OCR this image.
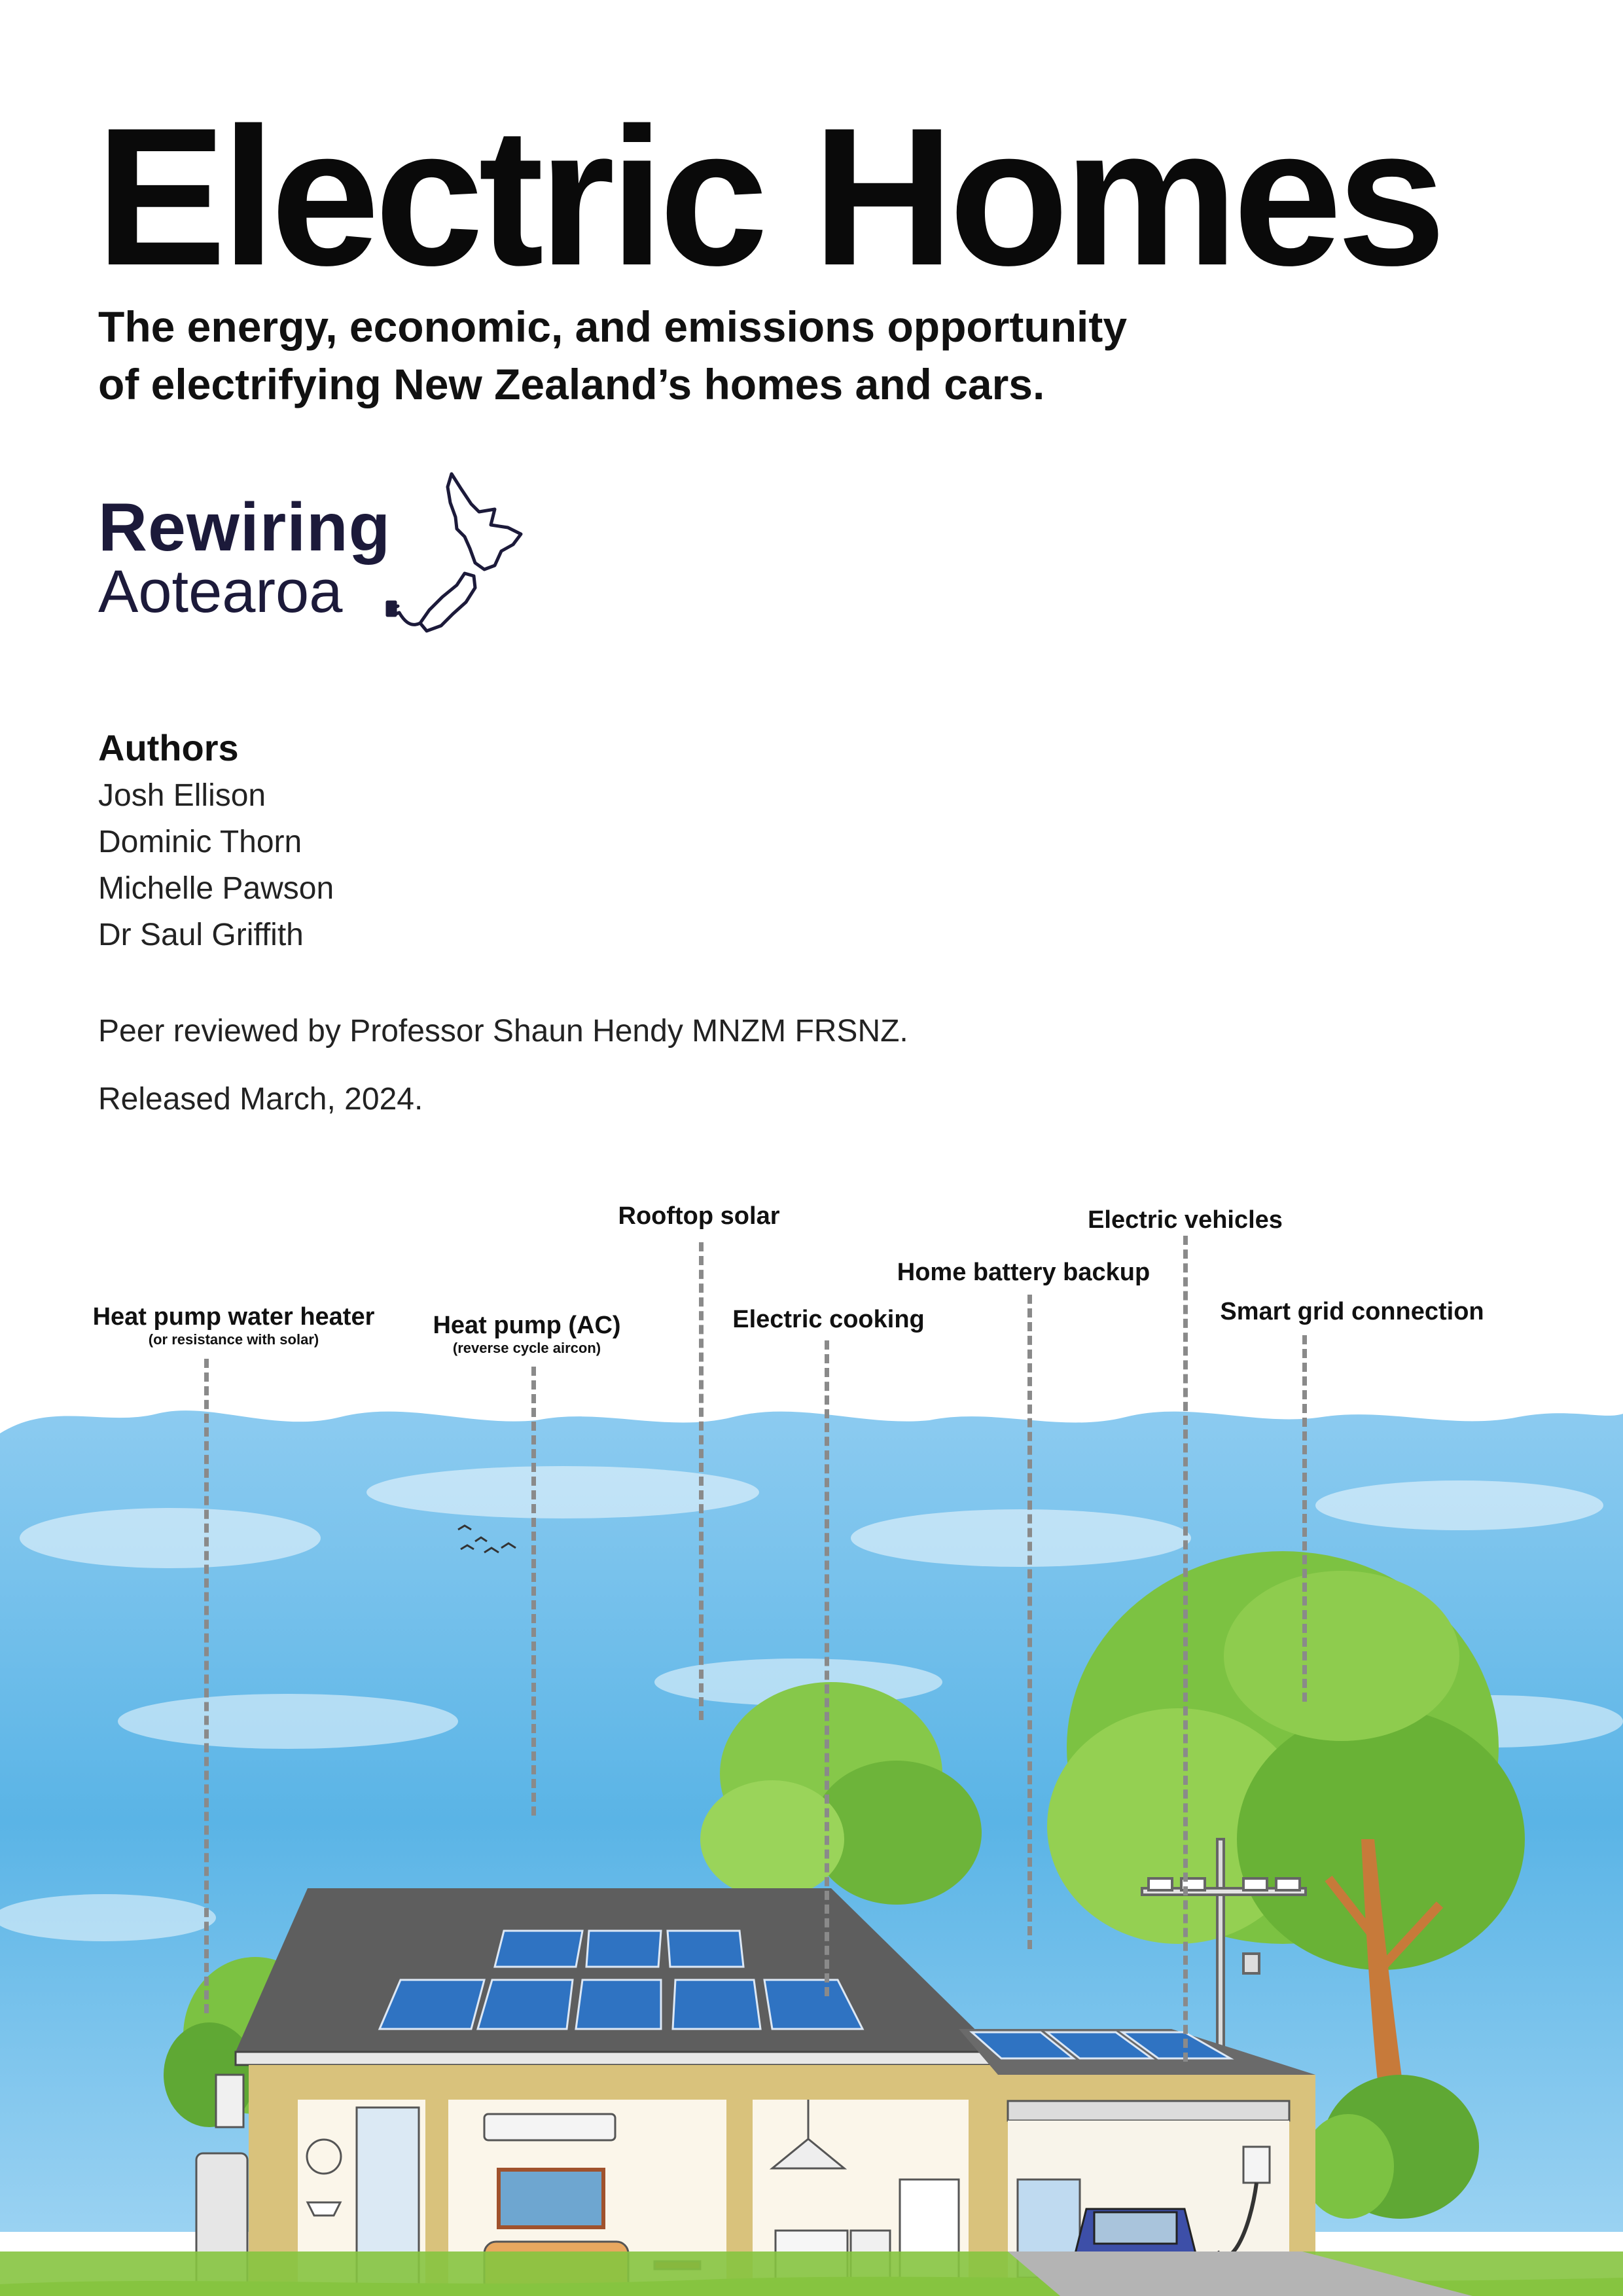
Electric Homes
The energy, economic, and emissions opportunity
of electrifying New Zealand’s homes and cars.
Rewiring
Aotearoa
Authors
Josh Ellison
Dominic Thorn
Michelle Pawson
Dr Saul Griffith
Peer reviewed by Professor Shaun Hendy MNZM FRSNZ.
Released March, 2024.
Heat pump water heater
(or resistance with solar)
Heat pump (AC)
(reverse cycle aircon)
Rooftop solar
Electric cooking
Home battery backup
Electric vehicles
Smart grid connection
